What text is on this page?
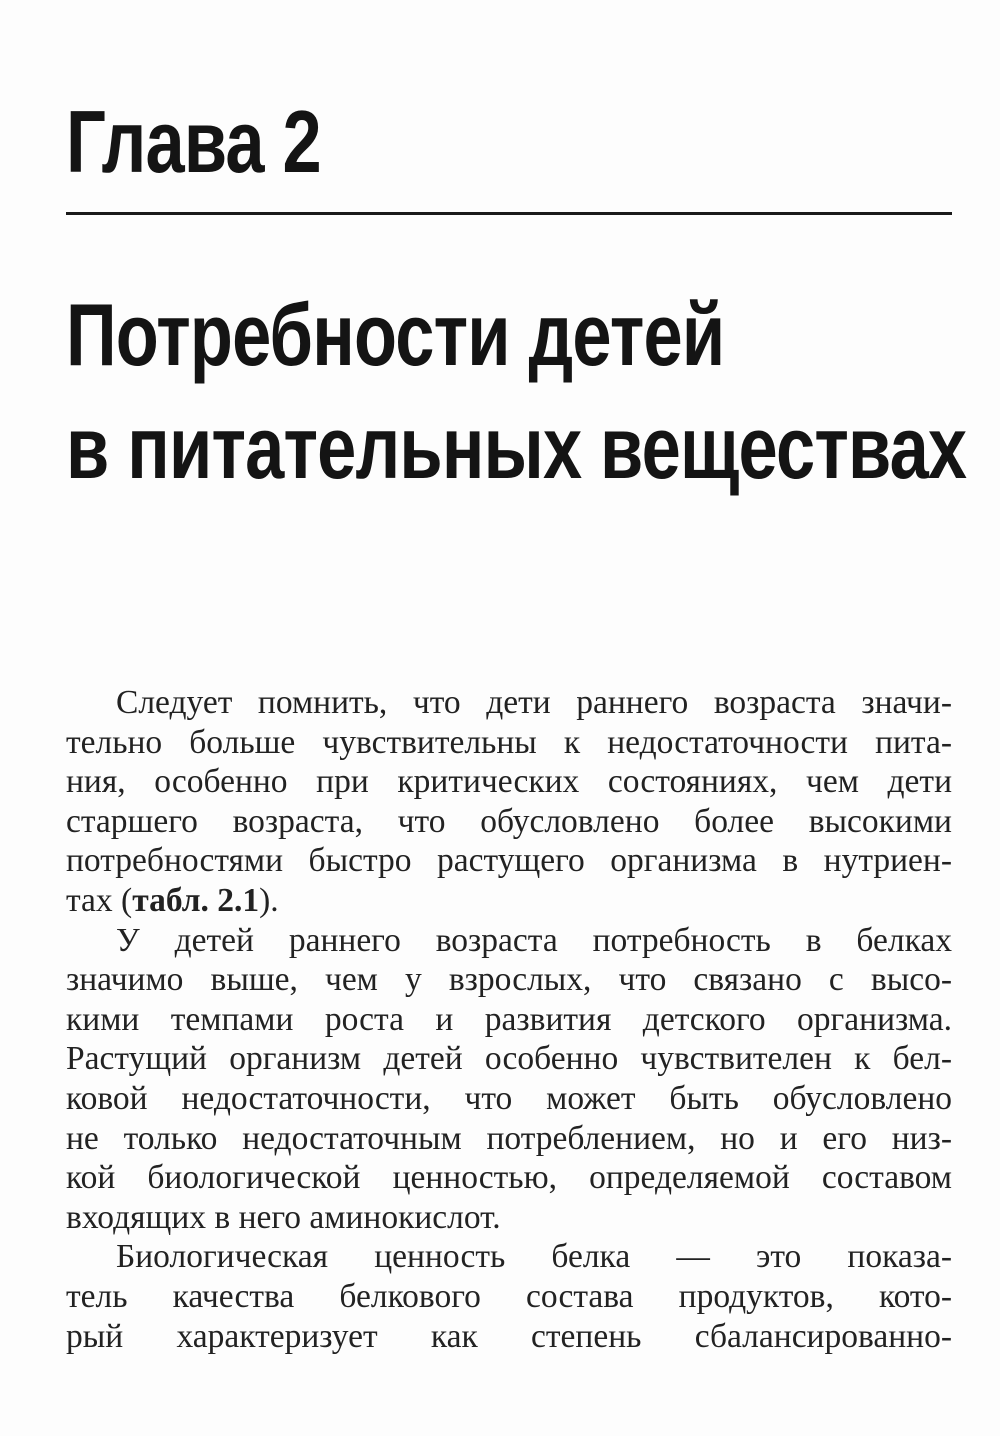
Глава 2
Потребности детей
в питательных веществах

Следует помнить, что дети раннего возраста значи-

тельно больше чувствительны к недостаточности пита-

ния, особенно при критических состояниях, чем дети

старшего возраста, что обусловлено более высокими

потребностями быстро растущего организма в нутриен-

тах (табл. 2.1).

У детей раннего возраста потребность в белках

значимо выше, чем у взрослых, что связано с высо-

кими темпами роста и развития детского организма.

Растущий организм детей особенно чувствителен к бел-

ковой недостаточности, что может быть обусловлено

не только недостаточным потреблением, но и его низ-

кой биологической ценностью, определяемой составом

входящих в него аминокислот.

Биологическая ценность белка — это показа-

тель качества белкового состава продуктов, кото-

рый характеризует как степень сбалансированно-
